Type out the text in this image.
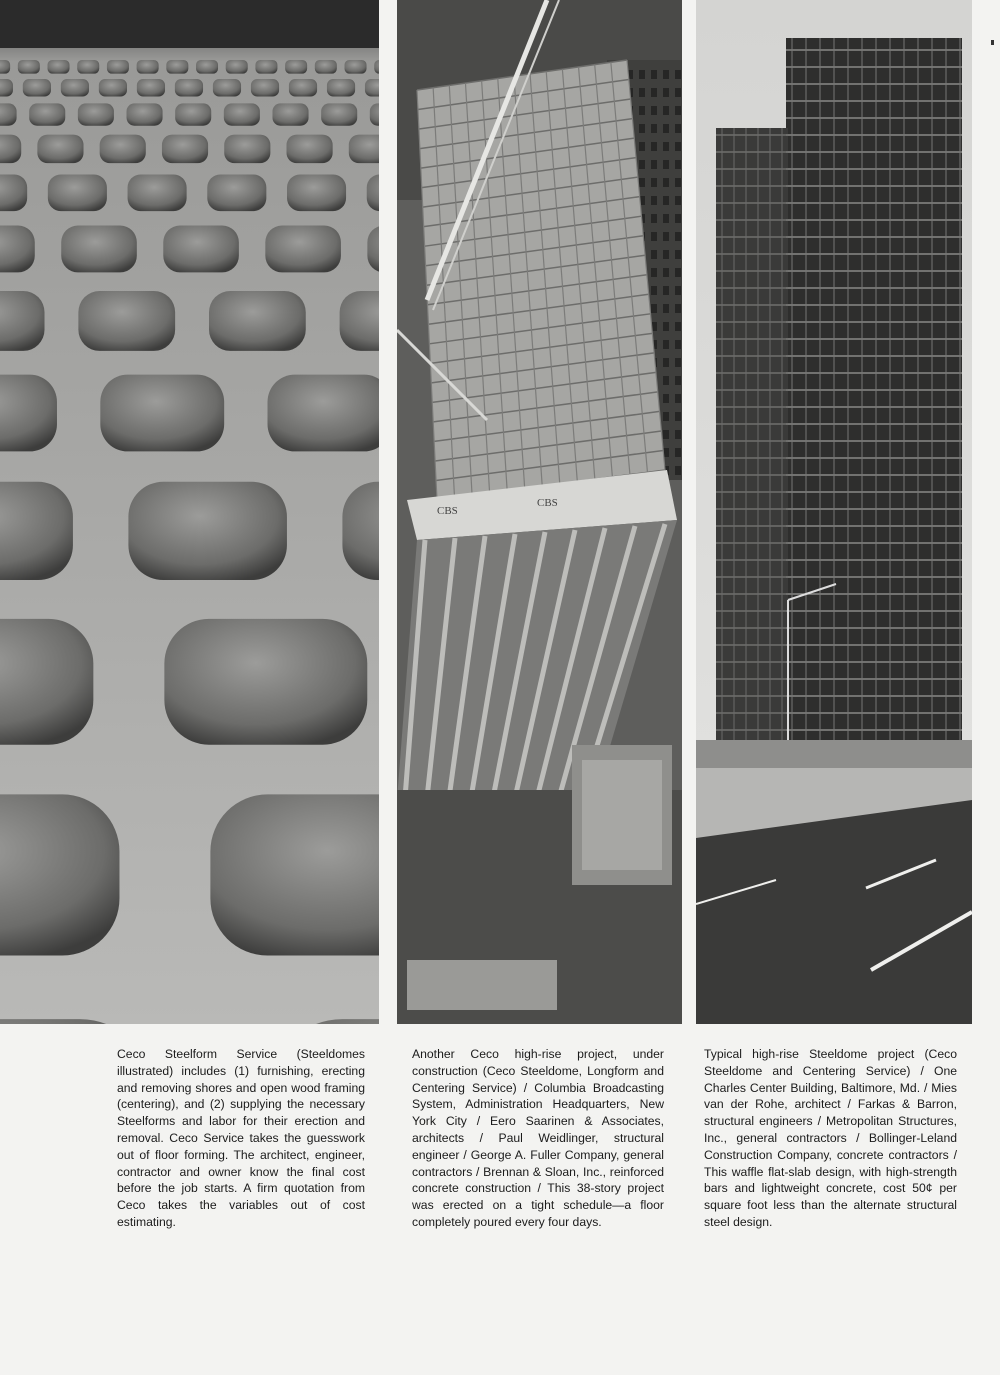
CBS
CBS

Ceco Steelform Service (Steeldomes illustrated) includes (1) furnishing, erecting and removing shores and open wood framing (centering), and (2) supplying the necessary Steelforms and labor for their erection and removal. Ceco Service takes the guesswork out of floor forming. The architect, engineer, contractor and owner know the final cost before the job starts. A firm quotation from Ceco takes the variables out of cost estimating.

Another Ceco high-rise project, under construction (Ceco Steeldome, Longform and Centering Service) / Columbia Broadcasting System, Administration Headquarters, New York City / Eero Saarinen & Associates, architects / Paul Weidlinger, structural engineer / George A. Fuller Company, general contractors / Brennan & Sloan, Inc., reinforced concrete construction / This 38-story project was erected on a tight schedule—a floor completely poured every four days.

Typical high-rise Steeldome project (Ceco Steeldome and Centering Service) / One Charles Center Building, Baltimore, Md. / Mies van der Rohe, architect / Farkas & Barron, structural engineers / Metropolitan Structures, Inc., general contractors / Bollinger-Leland Construction Company, concrete contractors / This waffle flat-slab design, with high-strength bars and lightweight concrete, cost 50¢ per square foot less than the alternate structural steel design.
